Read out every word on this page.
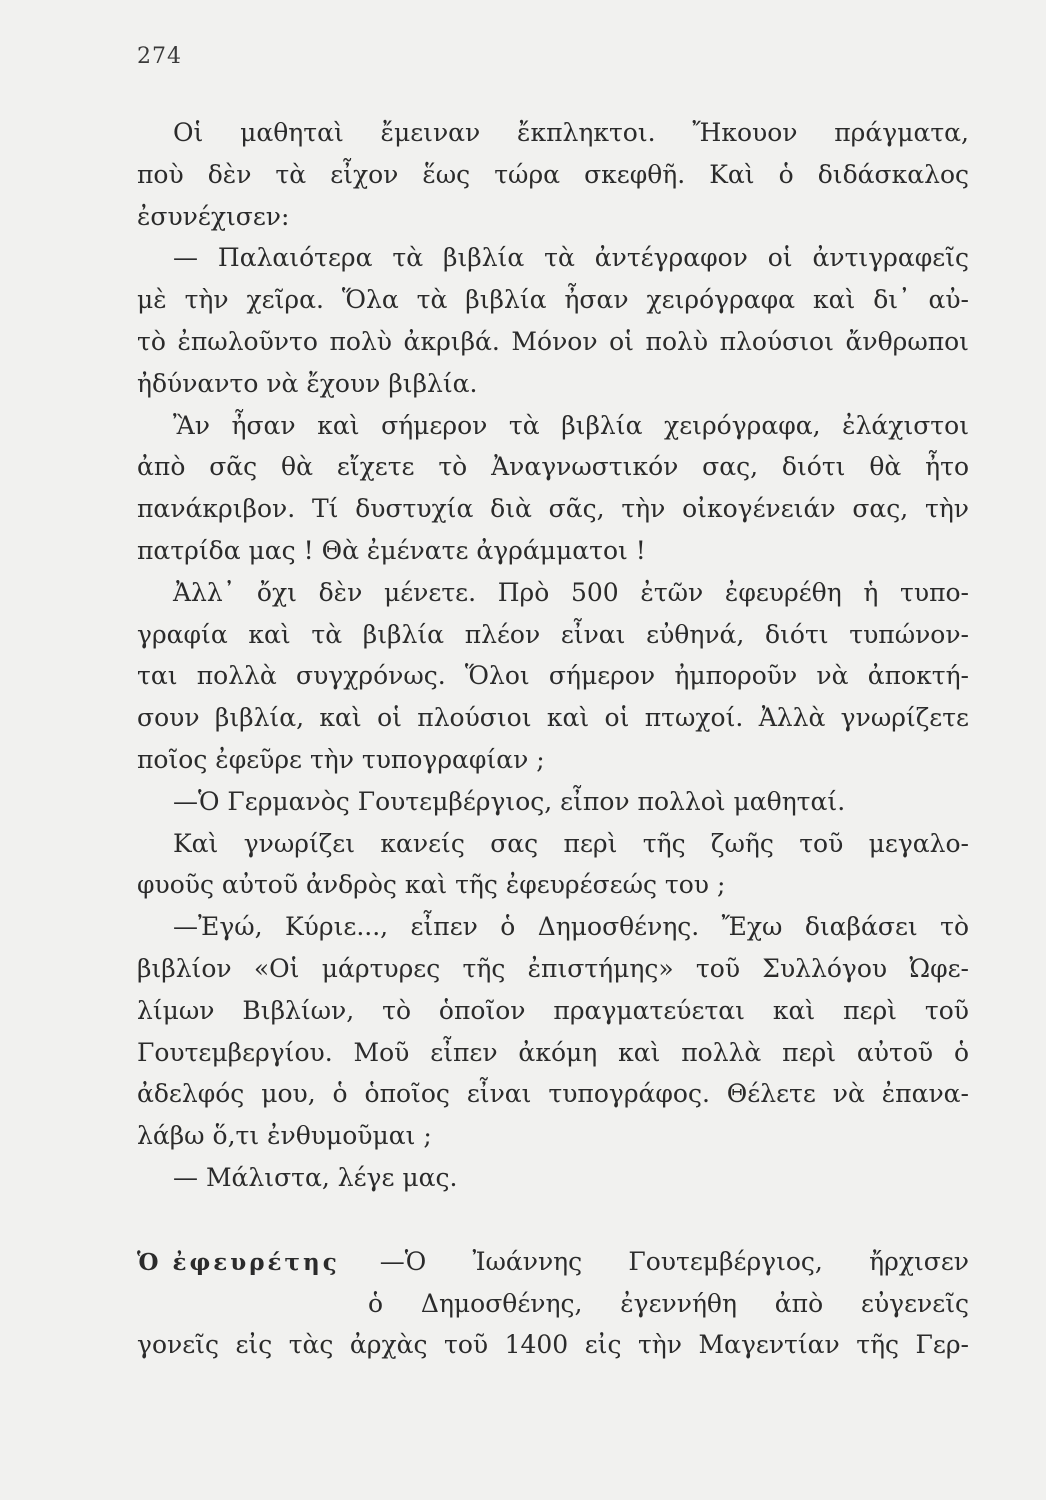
274
Οἱ μαθηταὶ ἔμειναν ἔκπληκτοι. Ἤκουον πράγματα,
ποὺ δὲν τὰ εἶχον ἕως τώρα σκεφθῆ. Καὶ ὁ διδάσκαλος
ἐσυνέχισεν:
— Παλαιότερα τὰ βιβλία τὰ ἀντέγραφον οἱ ἀντιγραφεῖς
μὲ τὴν χεῖρα. Ὅλα τὰ βιβλία ἦσαν χειρόγραφα καὶ δι᾽ αὐ-
τὸ ἐπωλοῦντο πολὺ ἀκριβά. Μόνον οἱ πολὺ πλούσιοι ἄνθρωποι
ἠδύναντο νὰ ἔχουν βιβλία.
Ἂν ἦσαν καὶ σήμερον τὰ βιβλία χειρόγραφα, ἐλάχιστοι
ἀπὸ σᾶς θὰ εἴχετε τὸ Ἀναγνωστικόν σας, διότι θὰ ἦτο
πανάκριβον. Τί δυστυχία διὰ σᾶς, τὴν οἰκογένειάν σας, τὴν
πατρίδα μας ! Θὰ ἐμένατε ἀγράμματοι !
Ἀλλ᾽ ὄχι δὲν μένετε. Πρὸ 500 ἐτῶν ἐφευρέθη ἡ τυπο-
γραφία καὶ τὰ βιβλία πλέον εἶναι εὐθηνά, διότι τυπώνον-
ται πολλὰ συγχρόνως. Ὅλοι σήμερον ἠμποροῦν νὰ ἀποκτή-
σουν βιβλία, καὶ οἱ πλούσιοι καὶ οἱ πτωχοί. Ἀλλὰ γνωρίζετε
ποῖος ἐφεῦρε τὴν τυπογραφίαν ;
—Ὁ Γερμανὸς Γουτεμβέργιος, εἶπον πολλοὶ μαθηταί.
Καὶ γνωρίζει κανείς σας περὶ τῆς ζωῆς τοῦ μεγαλο-
φυοῦς αὐτοῦ ἀνδρὸς καὶ τῆς ἐφευρέσεώς του ;
—Ἐγώ, Κύριε..., εἶπεν ὁ Δημοσθένης. Ἔχω διαβάσει τὸ
βιβλίον «Οἱ μάρτυρες τῆς ἐπιστήμης» τοῦ Συλλόγου Ὠφε-
λίμων Βιβλίων, τὸ ὁποῖον πραγματεύεται καὶ περὶ τοῦ
Γουτεμβεργίου. Μοῦ εἶπεν ἀκόμη καὶ πολλὰ περὶ αὐτοῦ ὁ
ἀδελφός μου, ὁ ὁποῖος εἶναι τυπογράφος. Θέλετε νὰ ἐπανα-
λάβω ὅ,τι ἐνθυμοῦμαι ;
— Μάλιστα, λέγε μας.
Ὁ ἐφευρέτης —Ὁ Ἰωάννης Γουτεμβέργιος, ἤρχισεν
ὁ Δημοσθένης, ἐγεννήθη ἀπὸ εὐγενεῖς
γονεῖς εἰς τὰς ἀρχὰς τοῦ 1400 εἰς τὴν Μαγεντίαν τῆς Γερ-
